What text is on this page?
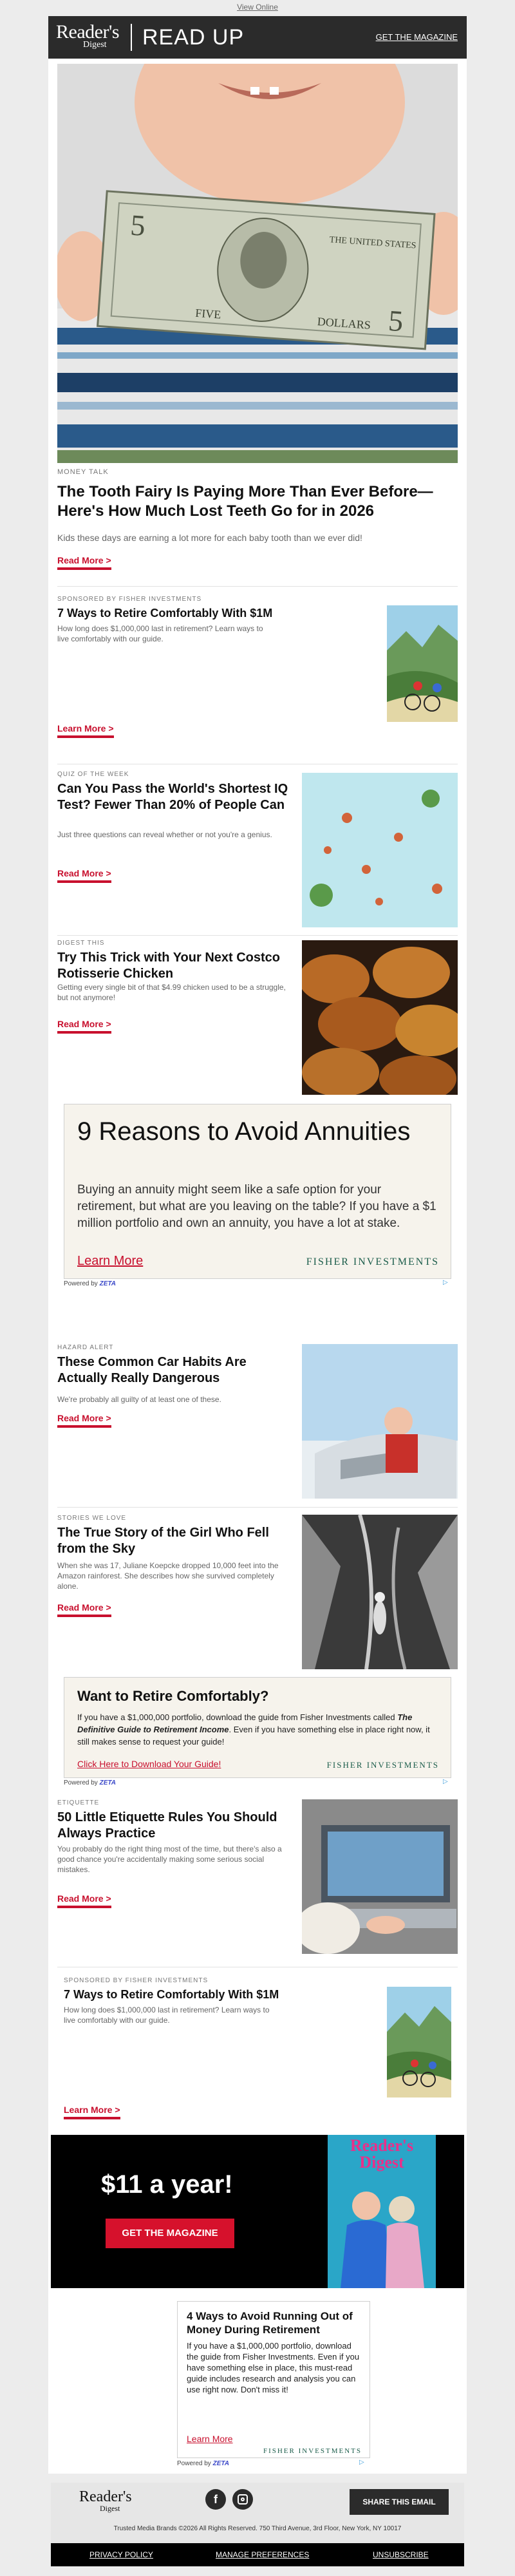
View Online
Reader's
Digest	READ UP	GET THE MAGAZINE
5
5
THE UNITED STATES
FIVE
DOLLARS
MONEY TALK
The Tooth Fairy Is Paying More Than Ever Before—Here's How Much Lost Teeth Go for in 2026
Kids these days are earning a lot more for each baby tooth than we ever did!
Read More >
SPONSORED BY FISHER INVESTMENTS
7 Ways to Retire Comfortably With $1M
How long does $1,000,000 last in retirement? Learn ways to live comfortably with our guide.
Learn More >
QUIZ OF THE WEEK
Can You Pass the World's Shortest IQ Test? Fewer Than 20% of People Can
Just three questions can reveal whether or not you're a genius.
Read More >
DIGEST THIS
Try This Trick with Your Next Costco Rotisserie Chicken
Getting every single bit of that $4.99 chicken used to be a struggle, but not anymore!
Read More >
9 Reasons to Avoid Annuities
Buying an annuity might seem like a safe option for your retirement, but what are you leaving on the table? If you have a $1 million portfolio and own an annuity, you have a lot at stake.
Learn More	FISHER INVESTMENTS
Powered by ZETA	▷
HAZARD ALERT
These Common Car Habits Are Actually Really Dangerous
We're probably all guilty of at least one of these.
Read More >
STORIES WE LOVE
The True Story of the Girl Who Fell from the Sky
When she was 17, Juliane Koepcke dropped 10,000 feet into the Amazon rainforest. She describes how she survived completely alone.
Read More >
Want to Retire Comfortably?
If you have a $1,000,000 portfolio, download the guide from Fisher Investments called The Definitive Guide to Retirement Income. Even if you have something else in place right now, it still makes sense to request your guide!
Click Here to Download Your Guide!	FISHER INVESTMENTS
Powered by ZETA	▷
ETIQUETTE
50 Little Etiquette Rules You Should Always Practice
You probably do the right thing most of the time, but there's also a good chance you're accidentally making some serious social mistakes.
Read More >
SPONSORED BY FISHER INVESTMENTS
7 Ways to Retire Comfortably With $1M
How long does $1,000,000 last in retirement? Learn ways to live comfortably with our guide.
Learn More >
$11 a year!
GET THE MAGAZINE
Reader's Digest
4 Ways to Avoid Running Out of Money During Retirement
If you have a $1,000,000 portfolio, download the guide from Fisher Investments. Even if you have something else in place, this must-read guide includes research and analysis you can use right now. Don't miss it!
Learn More
FISHER INVESTMENTS
Powered by ZETA	▷
Reader's
Digest
f	SHARE THIS EMAIL
Trusted Media Brands ©2026 All Rights Reserved. 750 Third Avenue, 3rd Floor, New York, NY 10017
PRIVACY POLICY	MANAGE PREFERENCES	UNSUBSCRIBE
